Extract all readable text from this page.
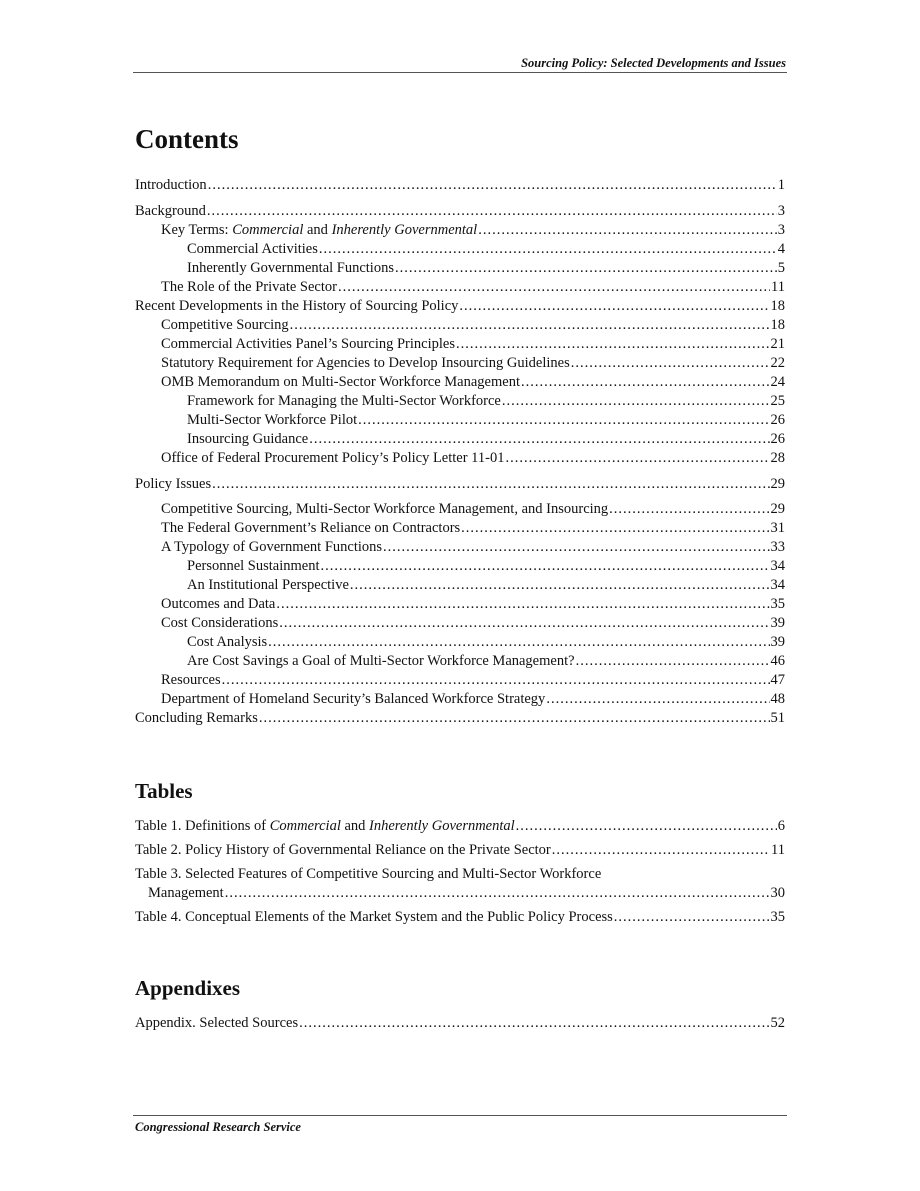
Sourcing Policy: Selected Developments and Issues
Contents
Introduction .....	1
Background .....	3
Key Terms: Commercial and Inherently Governmental .....	3
Commercial Activities .....	4
Inherently Governmental Functions .....	5
The Role of the Private Sector .....	11
Recent Developments in the History of Sourcing Policy .....	18
Competitive Sourcing .....	18
Commercial Activities Panel’s Sourcing Principles .....	21
Statutory Requirement for Agencies to Develop Insourcing Guidelines .....	22
OMB Memorandum on Multi-Sector Workforce Management .....	24
Framework for Managing the Multi-Sector Workforce .....	25
Multi-Sector Workforce Pilot .....	26
Insourcing Guidance .....	26
Office of Federal Procurement Policy’s Policy Letter 11-01 .....	28
Policy Issues .....	29
Competitive Sourcing, Multi-Sector Workforce Management, and Insourcing .....	29
The Federal Government’s Reliance on Contractors .....	31
A Typology of Government Functions .....	33
Personnel Sustainment .....	34
An Institutional Perspective .....	34
Outcomes and Data .....	35
Cost Considerations .....	39
Cost Analysis .....	39
Are Cost Savings a Goal of Multi-Sector Workforce Management? .....	46
Resources .....	47
Department of Homeland Security’s Balanced Workforce Strategy .....	48
Concluding Remarks .....	51
Tables
Table 1. Definitions of Commercial and Inherently Governmental .....	6
Table 2. Policy History of Governmental Reliance on the Private Sector .....	11
Table 3. Selected Features of Competitive Sourcing and Multi-Sector Workforce
Management .....	30
Table 4. Conceptual Elements of the Market System and the Public Policy Process .....	35
Appendixes
Appendix. Selected Sources .....	52
Congressional Research Service
